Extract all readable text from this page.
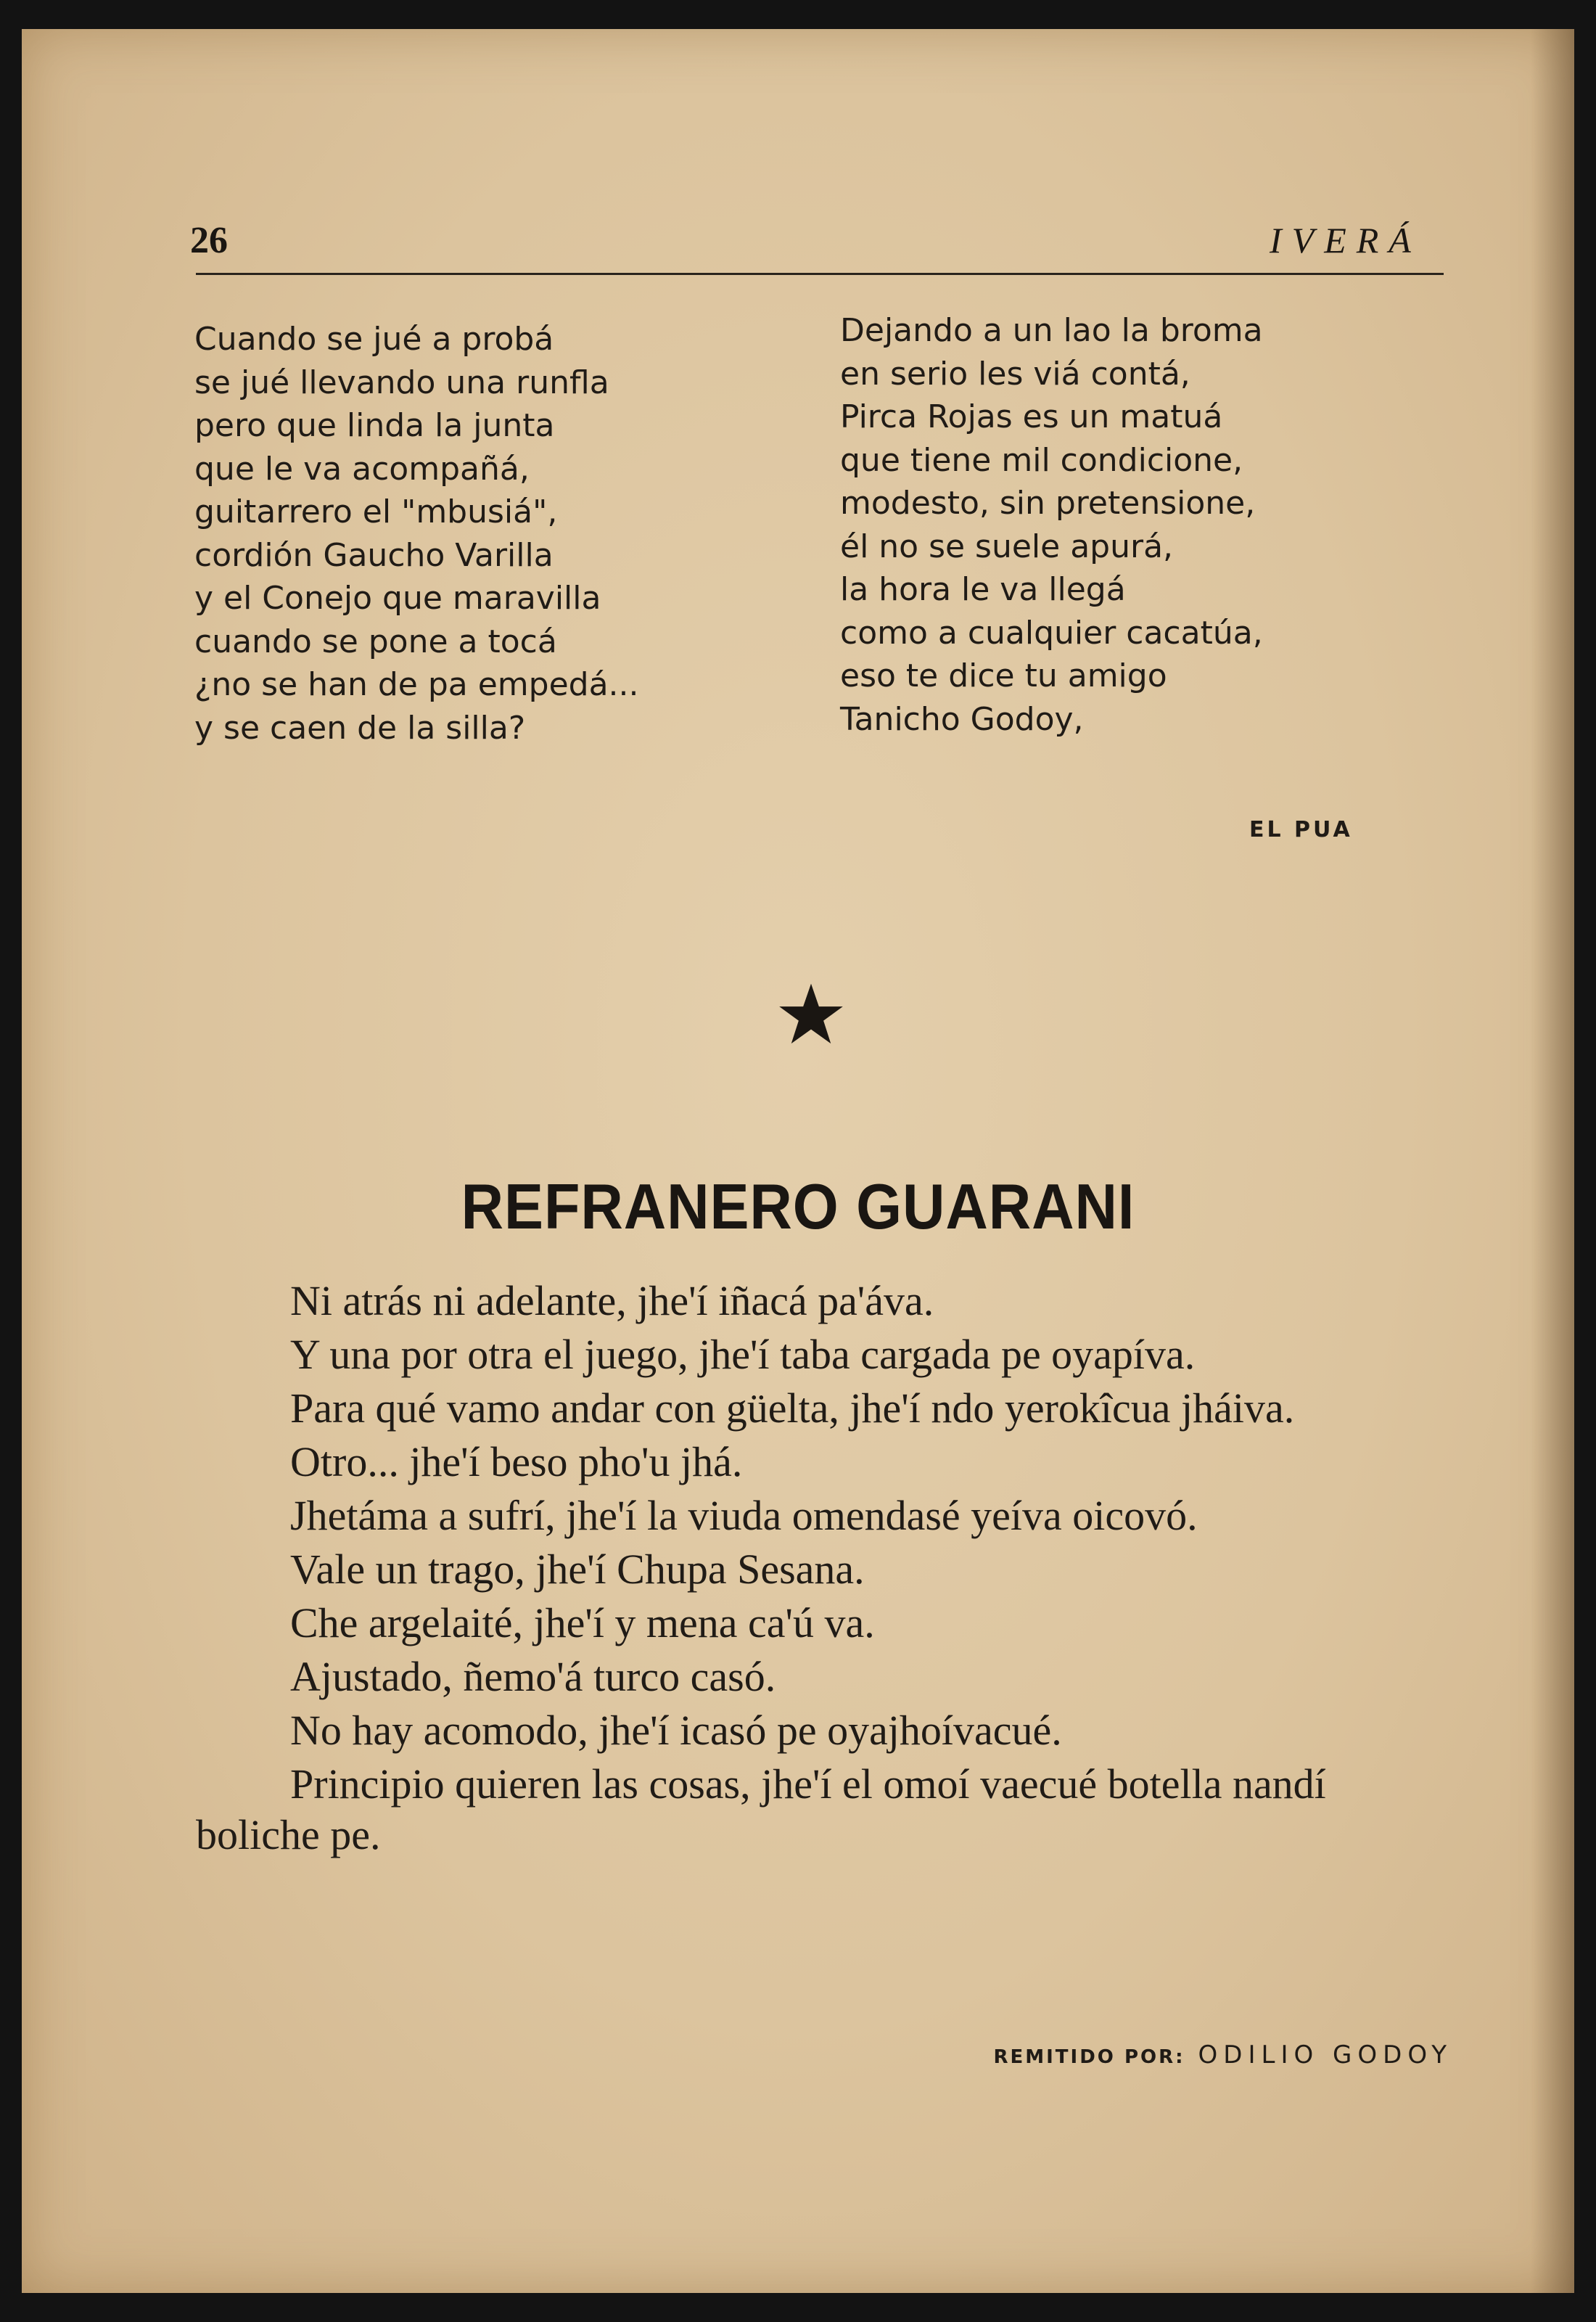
26	IVERÁ
Cuando se jué a probá
se jué llevando una runfla
pero que linda la junta
que le va acompañá,
guitarrero el "mbusiá",
cordión Gaucho Varilla
y el Conejo que maravilla
cuando se pone a tocá
¿no se han de pa empedá...
y se caen de la silla?
Dejando a un lao la broma
en serio les viá contá,
Pirca Rojas es un matuá
que tiene mil condicione,
modesto, sin pretensione,
él no se suele apurá,
la hora le va llegá
como a cualquier cacatúa,
eso te dice tu amigo
Tanicho Godoy,
EL PUA
REFRANERO GUARANI

Ni atrás ni adelante, jhe'í iñacá pa'áva.

Y una por otra el juego, jhe'í taba cargada pe oyapíva.

Para qué vamo andar con güelta, jhe'í ndo yerokîcua jháiva.

Otro... jhe'í beso pho'u jhá.

Jhetáma a sufrí, jhe'í la viuda omendasé yeíva oicovó.

Vale un trago, jhe'í Chupa Sesana.

Che argelaité, jhe'í y mena ca'ú va.

Ajustado, ñemo'á turco casó.

No hay acomodo, jhe'í icasó pe oyajhoívacué.

Principio quieren las cosas, jhe'í el omoí vaecué botella nandí boliche pe.

REMITIDO POR: ODILIO GODOY
